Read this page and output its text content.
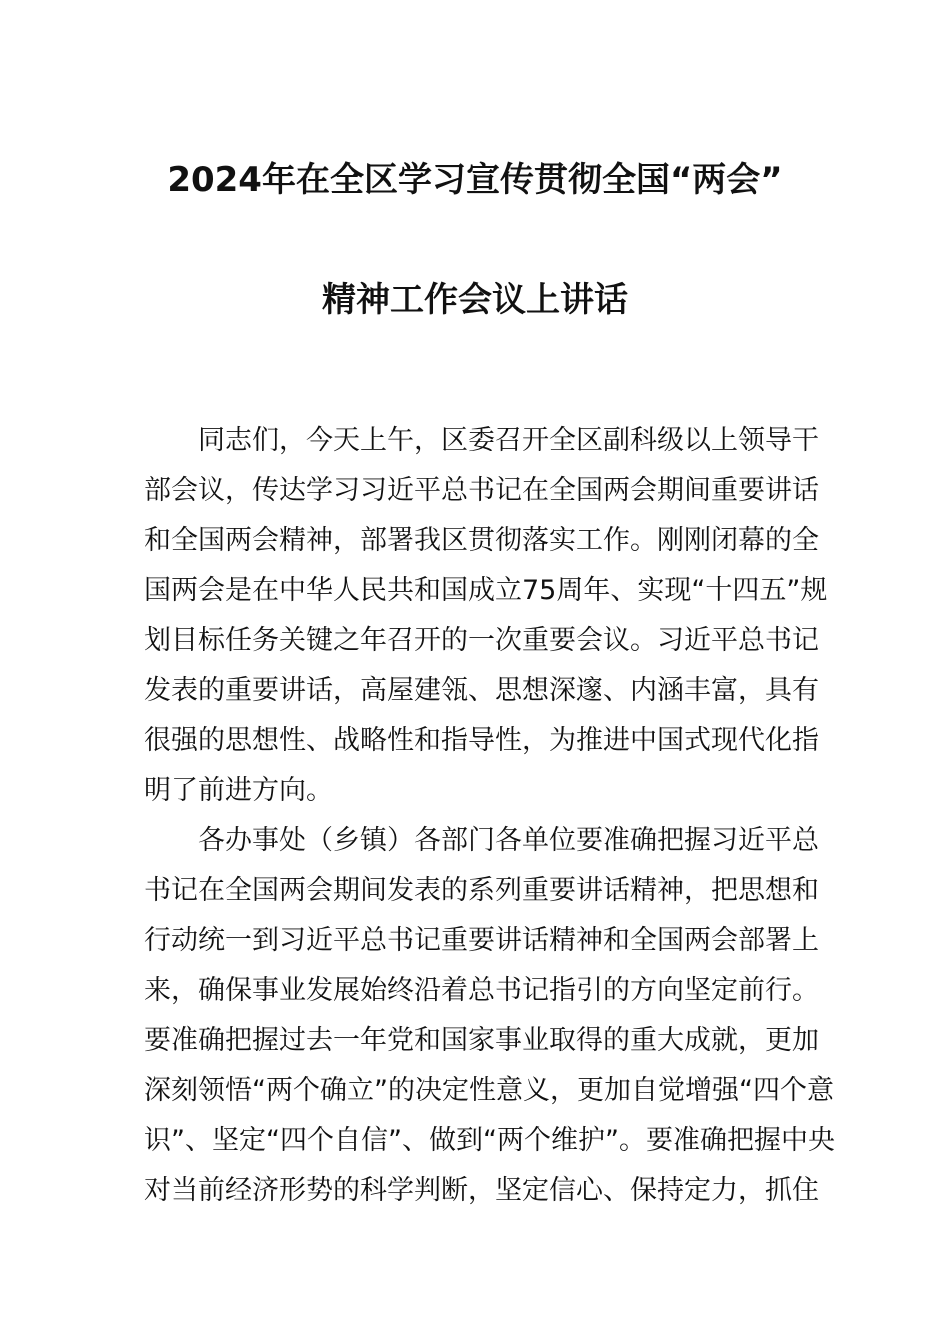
2024年在全区学习宣传贯彻全国“两会”
精神工作会议上讲话
同志们，今天上午，区委召开全区副科级以上领导干
部会议，传达学习习近平总书记在全国两会期间重要讲话
和全国两会精神，部署我区贯彻落实工作。刚刚闭幕的全
国两会是在中华人民共和国成立75周年、实现“十四五”规
划目标任务关键之年召开的一次重要会议。习近平总书记
发表的重要讲话，高屋建瓴、思想深邃、内涵丰富，具有
很强的思想性、战略性和指导性，为推进中国式现代化指
明了前进方向。
各办事处（乡镇）各部门各单位要准确把握习近平总
书记在全国两会期间发表的系列重要讲话精神，把思想和
行动统一到习近平总书记重要讲话精神和全国两会部署上
来，确保事业发展始终沿着总书记指引的方向坚定前行。
要准确把握过去一年党和国家事业取得的重大成就，更加
深刻领悟“两个确立”的决定性意义，更加自觉增强“四个意
识”、坚定“四个自信”、做到“两个维护”。要准确把握中央
对当前经济形势的科学判断，坚定信心、保持定力，抓住
